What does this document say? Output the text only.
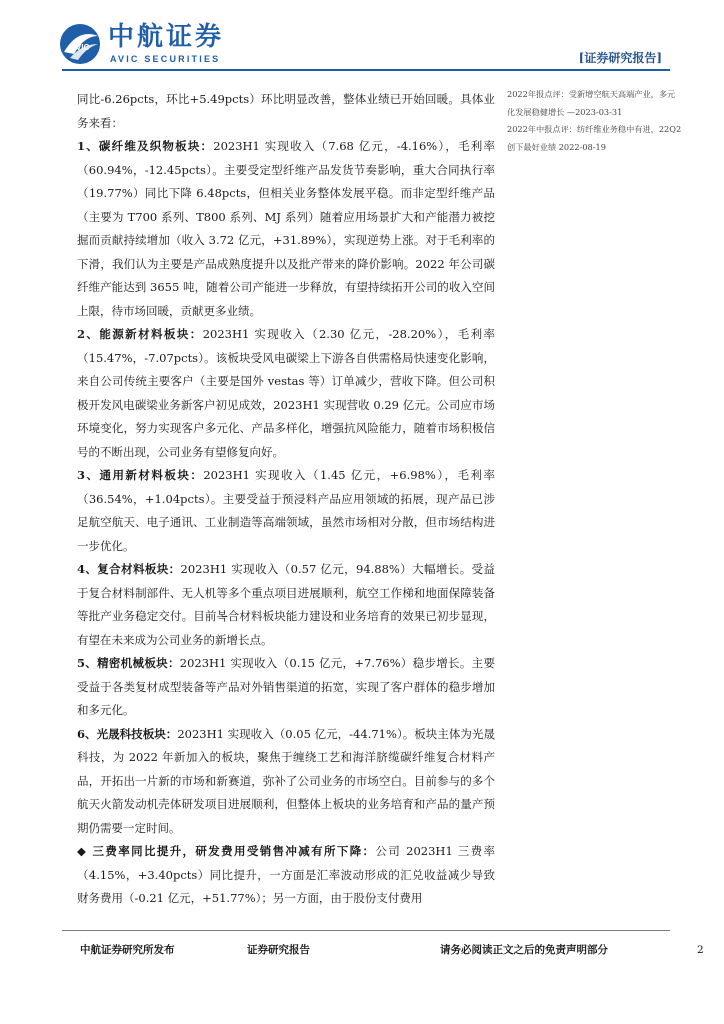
AVIC 中航证券
AVIC SECURITIES	[证券研究报告]

2022年报点评：受新增空航天高端产业，多元

化发展稳健增长 —2023-03-31

2022年中报点评：纺纤维业务稳中有进，22Q2

创下最好业绩 2022-08-19

同比-6.26pcts，环比+5.49pcts）环比明显改善，整体业绩已开始回暖。具体业务来看：

1、碳纤维及织物板块：2023H1 实现收入（7.68 亿元，-4.16%），毛利率（60.94%，-12.45pcts）。主要受定型纤维产品发货节奏影响，重大合同执行率（19.77%）同比下降 6.48pcts，但相关业务整体发展平稳。而非定型纤维产品（主要为 T700 系列、T800 系列、MJ 系列）随着应用场景扩大和产能潜力被挖掘而贡献持续增加（收入 3.72 亿元，+31.89%），实现逆势上涨。对于毛利率的下滑，我们认为主要是产品成熟度提升以及批产带来的降价影响。2022 年公司碳纤维产能达到 3655 吨，随着公司产能进一步释放，有望持续拓开公司的收入空间上限，待市场回暖，贡献更多业绩。

2、能源新材料板块：2023H1 实现收入（2.30 亿元，-28.20%），毛利率（15.47%，-7.07pcts）。该板块受风电碳梁上下游各自供需格局快速变化影响，来自公司传统主要客户（主要是国外 vestas 等）订单减少，营收下降。但公司积极开发风电碳梁业务新客户初见成效，2023H1 实现营收 0.29 亿元。公司应市场环境变化，努力实现客户多元化、产品多样化，增强抗风险能力，随着市场积极信号的不断出现，公司业务有望修复向好。

3、通用新材料板块：2023H1 实现收入（1.45 亿元，+6.98%），毛利率（36.54%，+1.04pcts）。主要受益于预浸料产品应用领域的拓展，现产品已涉足航空航天、电子通讯、工业制造等高端领域，虽然市场相对分散，但市场结构进一步优化。

4、复合材料板块：2023H1 实现收入（0.57 亿元，94.88%）大幅增长。受益于复合材料制部件、无人机等多个重点项目进展顺利，航空工作梯和地面保障装备等批产业务稳定交付。目前복合材料板块能力建设和业务培育的效果已初步显现，有望在未来成为公司业务的新增长点。

5、精密机械板块：2023H1 实现收入（0.15 亿元，+7.76%）稳步增长。主要受益于各类复材成型装备等产品对外销售渠道的拓宽，实现了客户群体的稳步增加和多元化。

6、光晟科技板块：2023H1 实现收入（0.05 亿元，-44.71%）。板块主体为光晟科技，为 2022 年新加入的板块，聚焦于缠绕工艺和海洋脐缆碳纤维复合材料产品，开拓出一片新的市场和新赛道，弥补了公司业务的市场空白。目前参与的多个航天火箭发动机壳体研发项目进展顺利，但整体上板块的业务培育和产品的量产预期仍需要一定时间。

◆ 三费率同比提升，研发费用受销售冲减有所下降：公司 2023H1 三费率（4.15%，+3.40pcts）同比提升，一方面是汇率波动形成的汇兑收益减少导致财务费用（-0.21 亿元，+51.77%）；另一方面，由于股份支付费用

中航证券研究所发布	证券研究报告	请务必阅读正文之后的免责声明部分	2
